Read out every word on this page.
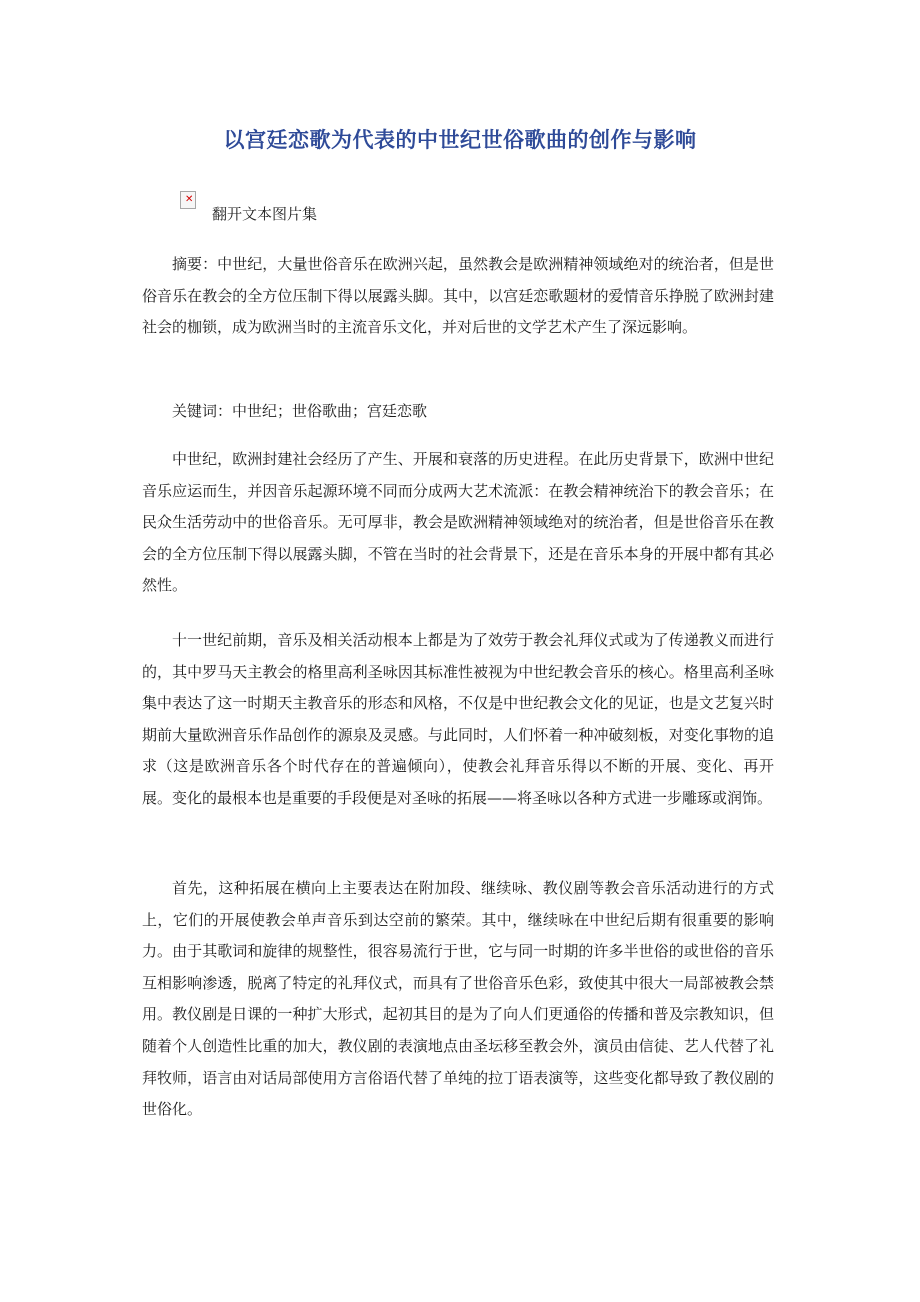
以宫廷恋歌为代表的中世纪世俗歌曲的创作与影响
✕
翻开文本图片集

摘要：中世纪，大量世俗音乐在欧洲兴起，虽然教会是欧洲精神领域绝对的统治者，但是世俗音乐在教会的全方位压制下得以展露头脚。其中，以宫廷恋歌题材的爱情音乐挣脱了欧洲封建社会的枷锁，成为欧洲当时的主流音乐文化，并对后世的文学艺术产生了深远影响。

关键词：中世纪；世俗歌曲；宫廷恋歌

中世纪，欧洲封建社会经历了产生、开展和衰落的历史进程。在此历史背景下，欧洲中世纪音乐应运而生，并因音乐起源环境不同而分成两大艺术流派：在教会精神统治下的教会音乐；在民众生活劳动中的世俗音乐。无可厚非，教会是欧洲精神领域绝对的统治者，但是世俗音乐在教会的全方位压制下得以展露头脚，不管在当时的社会背景下，还是在音乐本身的开展中都有其必然性。

十一世纪前期，音乐及相关活动根本上都是为了效劳于教会礼拜仪式或为了传递教义而进行的，其中罗马天主教会的格里高利圣咏因其标准性被视为中世纪教会音乐的核心。格里高利圣咏集中表达了这一时期天主教音乐的形态和风格，不仅是中世纪教会文化的见证，也是文艺复兴时期前大量欧洲音乐作品创作的源泉及灵感。与此同时，人们怀着一种冲破刻板，对变化事物的追求（这是欧洲音乐各个时代存在的普遍倾向），使教会礼拜音乐得以不断的开展、变化、再开展。变化的最根本也是重要的手段便是对圣咏的拓展——将圣咏以各种方式进一步雕琢或润饰。

首先，这种拓展在横向上主要表达在附加段、继续咏、教仪剧等教会音乐活动进行的方式上，它们的开展使教会单声音乐到达空前的繁荣。其中，继续咏在中世纪后期有很重要的影响力。由于其歌词和旋律的规整性，很容易流行于世，它与同一时期的许多半世俗的或世俗的音乐互相影响渗透，脱离了特定的礼拜仪式，而具有了世俗音乐色彩，致使其中很大一局部被教会禁用。教仪剧是日课的一种扩大形式，起初其目的是为了向人们更通俗的传播和普及宗教知识，但随着个人创造性比重的加大，教仪剧的表演地点由圣坛移至教会外，演员由信徒、艺人代替了礼拜牧师，语言由对话局部使用方言俗语代替了单纯的拉丁语表演等，这些变化都导致了教仪剧的世俗化。
